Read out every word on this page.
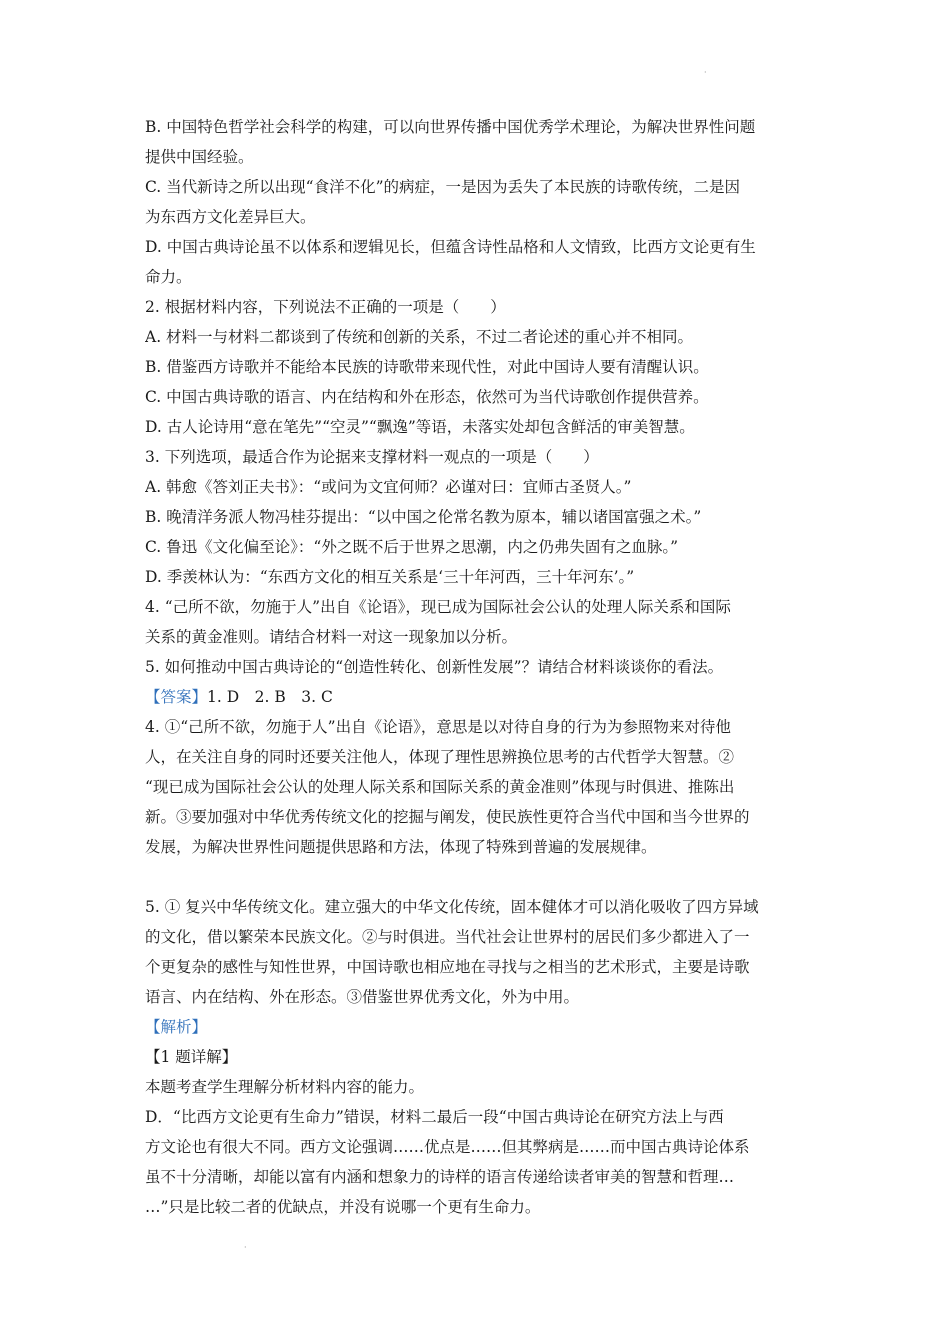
·
B. 中国特色哲学社会科学的构建，可以向世界传播中国优秀学术理论，为解决世界性问题
提供中国经验。
C. 当代新诗之所以出现“食洋不化”的病症，一是因为丢失了本民族的诗歌传统，二是因
为东西方文化差异巨大。
D. 中国古典诗论虽不以体系和逻辑见长，但蕴含诗性品格和人文情致，比西方文论更有生
命力。
2. 根据材料内容，下列说法不正确的一项是（　　）
A. 材料一与材料二都谈到了传统和创新的关系，不过二者论述的重心并不相同。
B. 借鉴西方诗歌并不能给本民族的诗歌带来现代性，对此中国诗人要有清醒认识。
C. 中国古典诗歌的语言、内在结构和外在形态，依然可为当代诗歌创作提供营养。
D. 古人论诗用“意在笔先”“空灵”“飘逸”等语，未落实处却包含鲜活的审美智慧。
3. 下列选项，最适合作为论据来支撑材料一观点的一项是（　　）
A. 韩愈《答刘正夫书》：“或问为文宜何师？必谨对曰：宜师古圣贤人。”
B. 晚清洋务派人物冯桂芬提出：“以中国之伦常名教为原本，辅以诸国富强之术。”
C. 鲁迅《文化偏至论》：“外之既不后于世界之思潮，内之仍弗失固有之血脉。”
D. 季羡林认为：“东西方文化的相互关系是‘三十年河西，三十年河东’。”
4. “己所不欲，勿施于人”出自《论语》，现已成为国际社会公认的处理人际关系和国际
关系的黄金准则。请结合材料一对这一现象加以分析。
5. 如何推动中国古典诗论的“创造性转化、创新性发展”？请结合材料谈谈你的看法。
【答案】1. D　2. B　3. C
4. ①“己所不欲，勿施于人”出自《论语》，意思是以对待自身的行为为参照物来对待他
人，在关注自身的同时还要关注他人，体现了理性思辨换位思考的古代哲学大智慧。②
“现已成为国际社会公认的处理人际关系和国际关系的黄金准则”体现与时俱进、推陈出
新。③要加强对中华优秀传统文化的挖掘与阐发，使民族性更符合当代中国和当今世界的
发展，为解决世界性问题提供思路和方法，体现了特殊到普遍的发展规律。
5. ① 复兴中华传统文化。建立强大的中华文化传统，固本健体才可以消化吸收了四方异域
的文化，借以繁荣本民族文化。②与时俱进。当代社会让世界村的居民们多少都进入了一
个更复杂的感性与知性世界，中国诗歌也相应地在寻找与之相当的艺术形式，主要是诗歌
语言、内在结构、外在形态。③借鉴世界优秀文化，外为中用。
【解析】
【1 题详解】
本题考查学生理解分析材料内容的能力。
D．“比西方文论更有生命力”错误，材料二最后一段“中国古典诗论在研究方法上与西
方文论也有很大不同。西方文论强调……优点是……但其弊病是……而中国古典诗论体系
虽不十分清晰，却能以富有内涵和想象力的诗样的语言传递给读者审美的智慧和哲理…
…”只是比较二者的优缺点，并没有说哪一个更有生命力。
·
